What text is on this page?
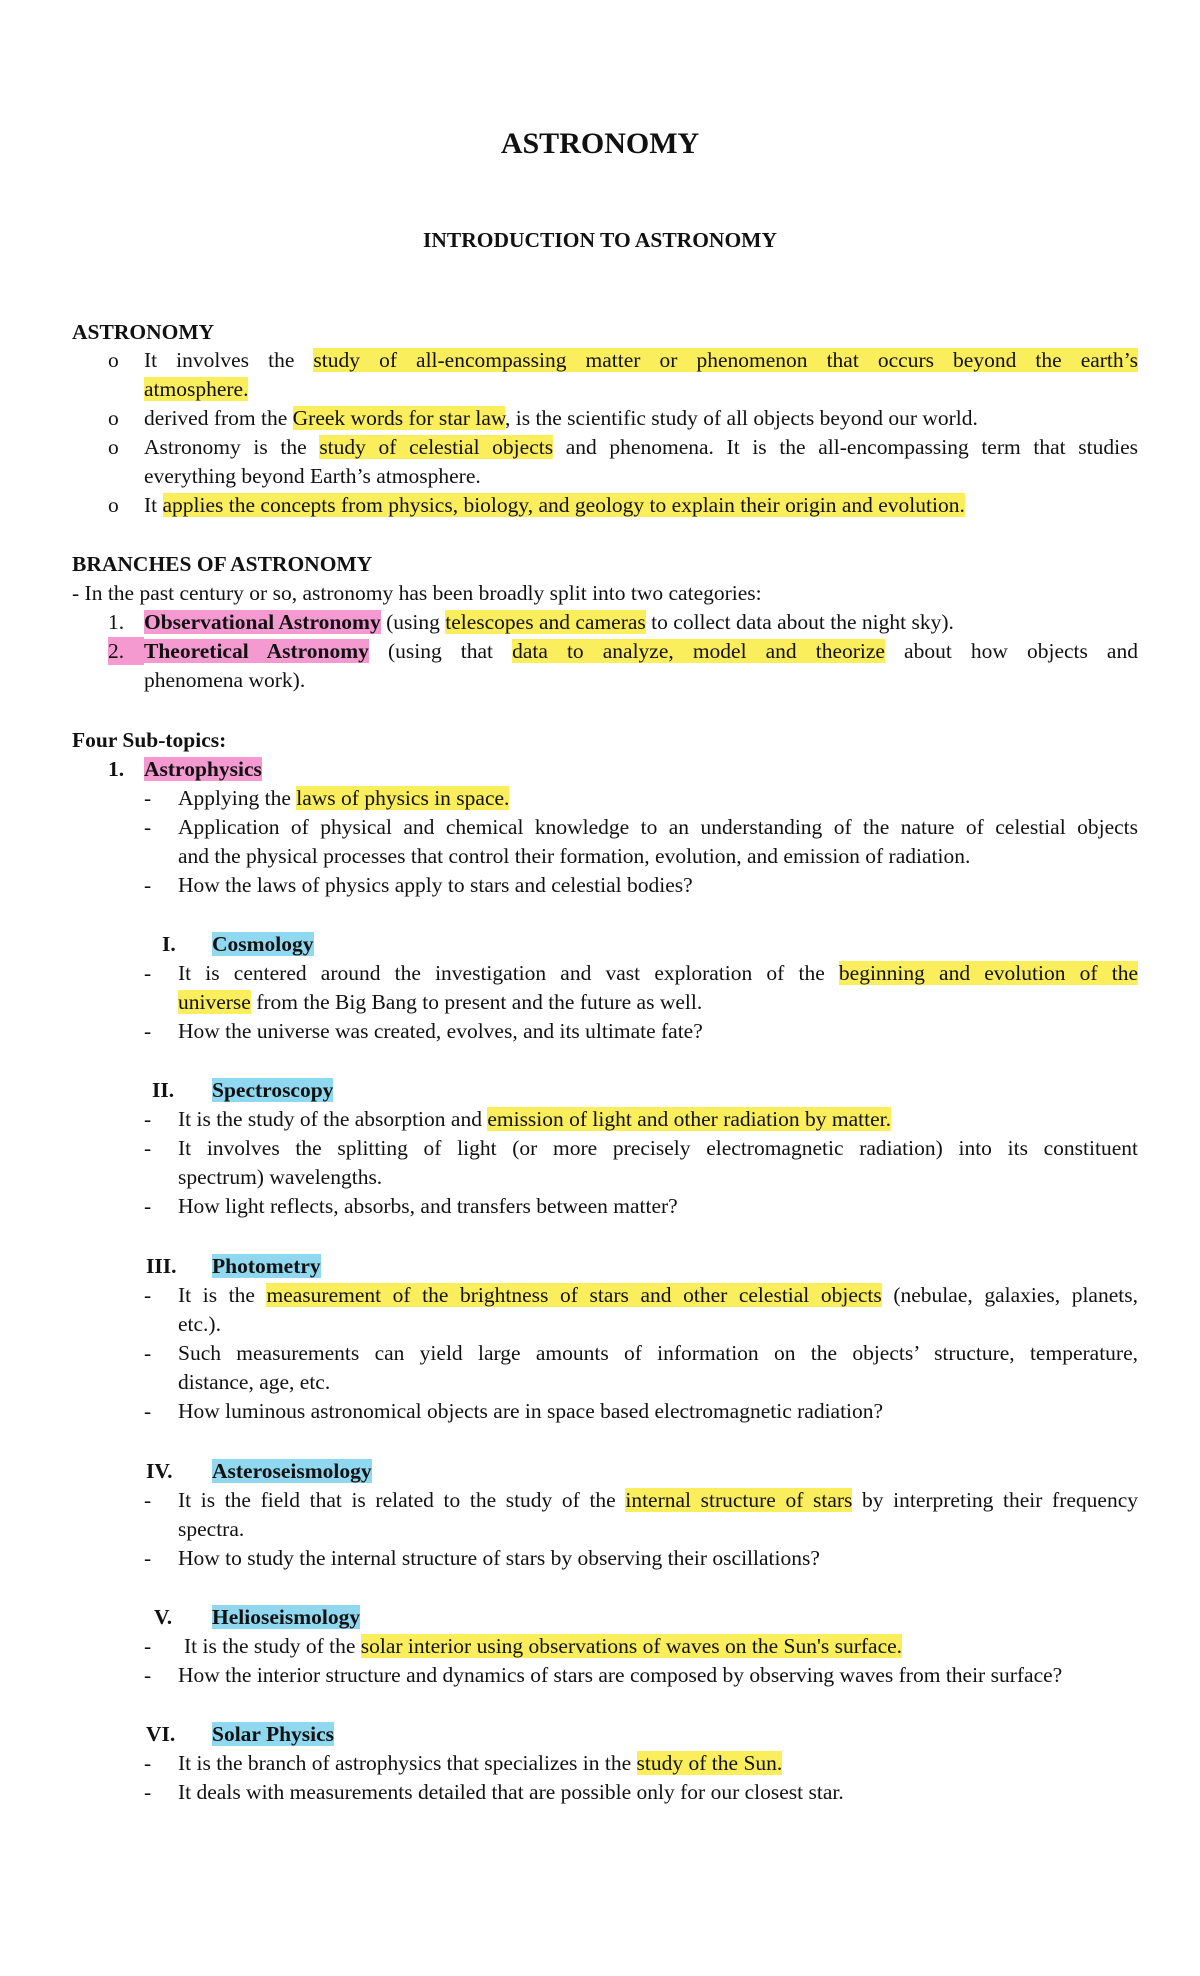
ASTRONOMY
INTRODUCTION TO ASTRONOMY
ASTRONOMY
o It involves the study of all-encompassing matter or phenomenon that occurs beyond the earth’s
atmosphere.
o derived from the Greek words for star law, is the scientific study of all objects beyond our world.
o Astronomy is the study of celestial objects and phenomena. It is the all-encompassing term that studies
everything beyond Earth’s atmosphere.
o It applies the concepts from physics, biology, and geology to explain their origin and evolution.
BRANCHES OF ASTRONOMY
- In the past century or so, astronomy has been broadly split into two categories:
1. Observational Astronomy (using telescopes and cameras to collect data about the night sky).
2. Theoretical Astronomy (using that data to analyze, model and theorize about how objects and
phenomena work).
Four Sub-topics:
1. Astrophysics
- Applying the laws of physics in space.
- Application of physical and chemical knowledge to an understanding of the nature of celestial objects
and the physical processes that control their formation, evolution, and emission of radiation.
- How the laws of physics apply to stars and celestial bodies?
I. Cosmology
- It is centered around the investigation and vast exploration of the beginning and evolution of the
universe from the Big Bang to present and the future as well.
- How the universe was created, evolves, and its ultimate fate?
II. Spectroscopy
- It is the study of the absorption and emission of light and other radiation by matter.
- It involves the splitting of light (or more precisely electromagnetic radiation) into its constituent
spectrum) wavelengths.
- How light reflects, absorbs, and transfers between matter?
III. Photometry
- It is the measurement of the brightness of stars and other celestial objects (nebulae, galaxies, planets,
etc.).
- Such measurements can yield large amounts of information on the objects’ structure, temperature,
distance, age, etc.
- How luminous astronomical objects are in space based electromagnetic radiation?
IV. Asteroseismology
- It is the field that is related to the study of the internal structure of stars by interpreting their frequency
spectra.
- How to study the internal structure of stars by observing their oscillations?
V. Helioseismology
- It is the study of the solar interior using observations of waves on the Sun's surface.
- How the interior structure and dynamics of stars are composed by observing waves from their surface?
VI. Solar Physics
- It is the branch of astrophysics that specializes in the study of the Sun.
- It deals with measurements detailed that are possible only for our closest star.
